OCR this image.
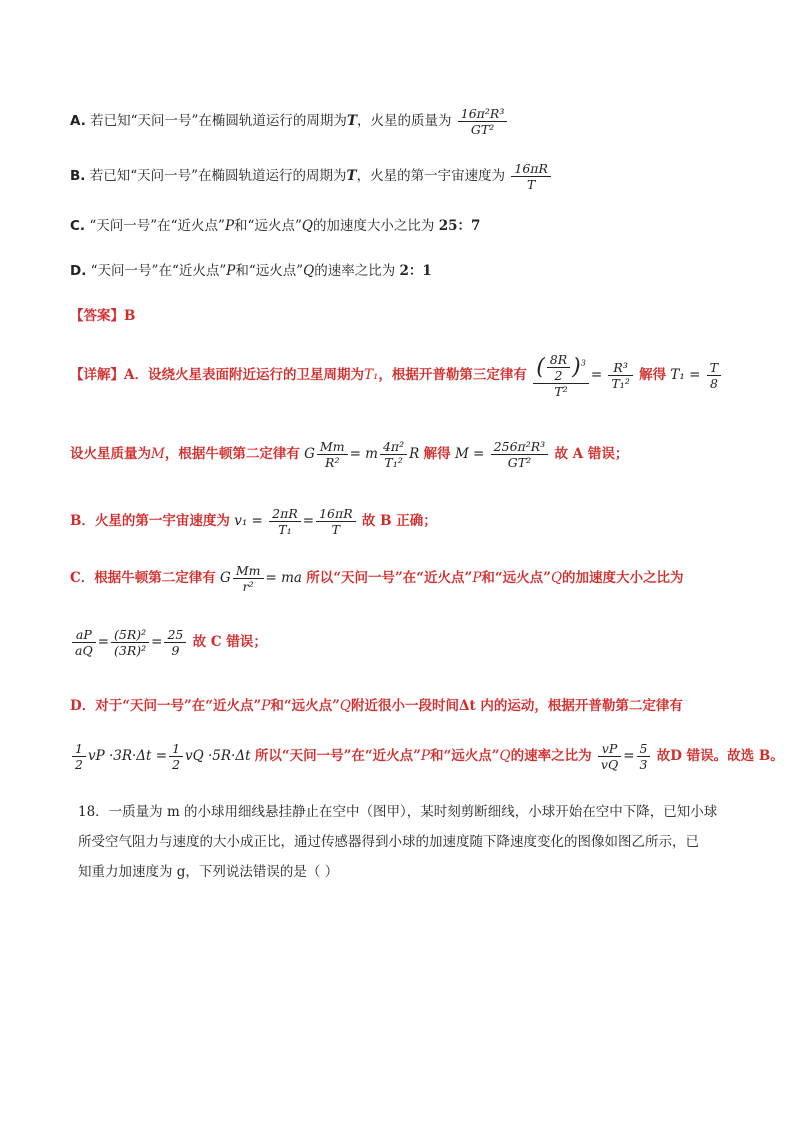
A. 若已知“天问一号”在椭圆轨道运行的周期为T，火星的质量为 $\frac{\text{16π²R³}}{\text{GT²}}$
B. 若已知“天问一号”在椭圆轨道运行的周期为T，火星的第一宇宙速度为 $\frac{16\pi R}{T}$
C. “天问一号”在“近火点”P和“远火点”Q的加速度大小之比为 25：7
D. “天问一号”在“近火点”P和“远火点”Q的速率之比为 2：1
【答案】B
【详解】A．设绕火星表面附近运行的卫星周期为T₁，根据开普勒第三定律有 $\frac{( \frac{8R}{2} )^3}{\text{T²}} = \frac{\text{R³}}{\text{T₁²}}$ 解得 $T_1 = \frac{T}{8}$
设火星质量为M，根据牛顿第二定律有 G $\frac{Mm}{\text{R²}} = m \frac{\text{4π²}}{\text{T₁²}}$ R 解得 $M = \frac{\text{256π²R³}}{\text{GT²}}$ 故 A 错误；
B．火星的第一宇宙速度为 $v_1 = \frac{2\pi R}{\text{T₁}} = \frac{16\pi R}{T}$ 故 B 正确；
C．根据牛顿第二定律有 G $\frac{Mm}{\text{r²}}$ = ma 所以“天问一号”在“近火点”P和“远火点”Q的加速度大小之比为
$\frac{aP}{aQ} = \frac{\text{(5R)²}}{\text{(3R)²}} = \frac{25}{9}$ 故 C 错误；
D．对于“天问一号”在“近火点”P和“远火点”Q附近很小一段时间Δt 内的运动，根据开普勒第二定律有
$\frac{1}{2}$ vP $\cdot 3R\cdot\Delta t = \frac{1}{2}$ vQ ·5R·Δt 所以“天问一号”在“近火点”P和“远火点”Q的速率之比为 $\frac{vP}{vQ} = \frac{5}{3}$ 故D 错误。故选 B。
18．一质量为 m 的小球用细线悬挂静止在空中（图甲），某时刻剪断细线，小球开始在空中下降，已知小球
所受空气阻力与速度的大小成正比，通过传感器得到小球的加速度随下降速度变化的图像如图乙所示，已
知重力加速度为 g，下列说法错误的是（ ）
